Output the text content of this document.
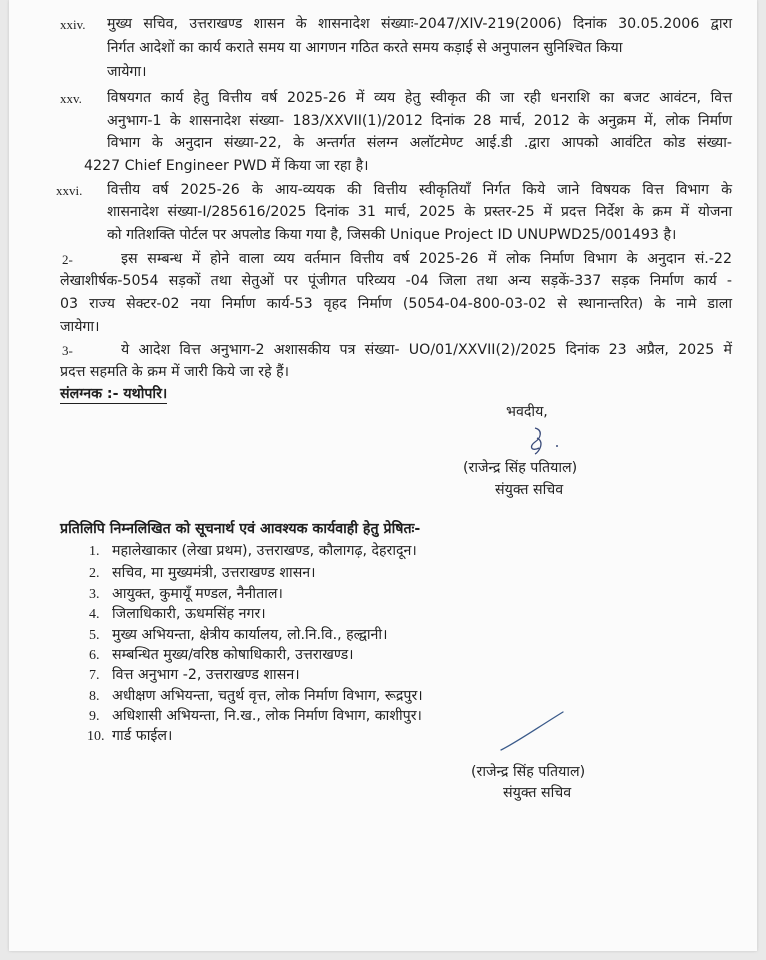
xxiv. मुख्य सचिव, उत्तराखण्ड शासन के शासनादेश संख्याः-2047/XIV-219(2006) दिनांक 30.05.2006 द्वारा
निर्गत आदेशों का कार्य कराते समय या आगणन गठित करते समय कड़ाई से अनुपालन सुनिश्चित किया
जायेगा।
xxv. विषयगत कार्य हेतु वित्तीय वर्ष 2025-26 में व्यय हेतु स्वीकृत की जा रही धनराशि का बजट आवंटन, वित्त
अनुभाग-1 के शासनादेश संख्या- 183/XXVII(1)/2012 दिनांक 28 मार्च, 2012 के अनुक्रम में, लोक निर्माण
विभाग के अनुदान संख्या-22, के अन्तर्गत संलग्न अलॉटमेण्ट आई.डी .द्वारा आपको आवंटित कोड संख्या-
4227 Chief Engineer PWD में किया जा रहा है।
xxvi. वित्तीय वर्ष 2025-26 के आय-व्ययक की वित्तीय स्वीकृतियाँ निर्गत किये जाने विषयक वित्त विभाग के
शासनादेश संख्या-I/285616/2025 दिनांक 31 मार्च, 2025 के प्रस्तर-25 में प्रदत्त निर्देश के क्रम में योजना
को गतिशक्ति पोर्टल पर अपलोड किया गया है, जिसकी Unique Project ID UNUPWD25/001493 है।
2-	इस सम्बन्ध में होने वाला व्यय वर्तमान वित्तीय वर्ष 2025-26 में लोक निर्माण विभाग के अनुदान सं.-22
लेखाशीर्षक-5054 सड़कों तथा सेतुओं पर पूंजीगत परिव्यय -04 जिला तथा अन्य सड़कें-337 सड़क निर्माण कार्य -
03 राज्य सेक्टर-02 नया निर्माण कार्य-53 वृहद निर्माण (5054-04-800-03-02 से स्थानान्तरित) के नामे डाला
जायेगा।
3-	ये आदेश वित्त अनुभाग-2 अशासकीय पत्र संख्या- UO/01/XXVII(2)/2025 दिनांक 23 अप्रैल, 2025 में
प्रदत्त सहमति के क्रम में जारी किये जा रहे हैं।
संलग्नक :- यथोपरि।
भवदीय,
(राजेन्द्र सिंह पतियाल)
संयुक्त सचिव
प्रतिलिपि निम्नलिखित को सूचनार्थ एवं आवश्यक कार्यवाही हेतु प्रेषितः-
1. महालेखाकार (लेखा प्रथम), उत्तराखण्ड, कौलागढ़, देहरादून।
2. सचिव, मा मुख्यमंत्री, उत्तराखण्ड शासन।
3. आयुक्त, कुमायूँ मण्डल, नैनीताल।
4. जिलाधिकारी, ऊधमसिंह नगर।
5. मुख्य अभियन्ता, क्षेत्रीय कार्यालय, लो.नि.वि., हल्द्वानी।
6. सम्बन्धित मुख्य/वरिष्ठ कोषाधिकारी, उत्तराखण्ड।
7. वित्त अनुभाग -2, उत्तराखण्ड शासन।
8. अधीक्षण अभियन्ता, चतुर्थ वृत्त, लोक निर्माण विभाग, रूद्रपुर।
9. अधिशासी अभियन्ता, नि.ख., लोक निर्माण विभाग, काशीपुर।
10. गार्ड फाईल।
(राजेन्द्र सिंह पतियाल)
संयुक्त सचिव
